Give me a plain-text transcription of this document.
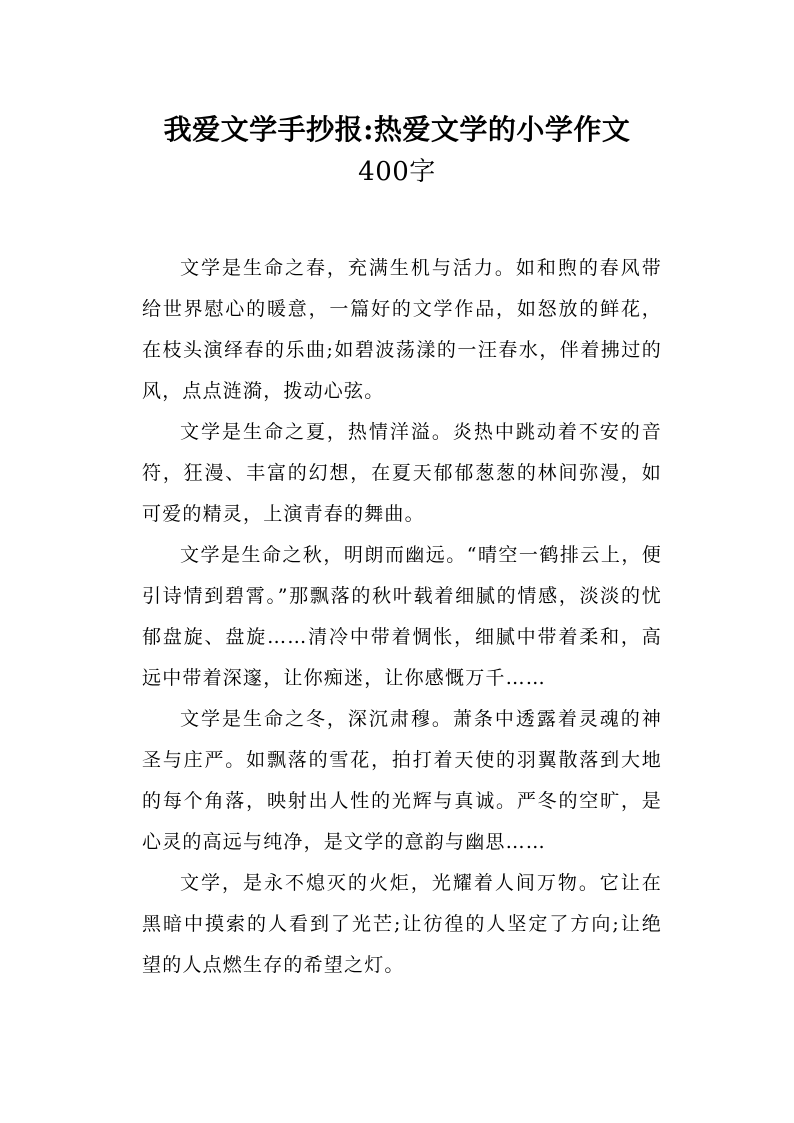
我爱文学手抄报:热爱文学的小学作文
400字

文学是生命之春，充满生机与活力。如和煦的春风带给世界慰心的暖意，一篇好的文学作品，如怒放的鲜花，在枝头演绎春的乐曲;如碧波荡漾的一汪春水，伴着拂过的风，点点涟漪，拨动心弦。

文学是生命之夏，热情洋溢。炎热中跳动着不安的音符，狂漫、丰富的幻想，在夏天郁郁葱葱的林间弥漫，如可爱的精灵，上演青春的舞曲。

文学是生命之秋，明朗而幽远。“晴空一鹤排云上，便引诗情到碧霄。”那飘落的秋叶载着细腻的情感，淡淡的忧郁盘旋、盘旋……清冷中带着惆怅，细腻中带着柔和，高远中带着深邃，让你痴迷，让你感慨万千……

文学是生命之冬，深沉肃穆。萧条中透露着灵魂的神圣与庄严。如飘落的雪花，拍打着天使的羽翼散落到大地的每个角落，映射出人性的光辉与真诚。严冬的空旷，是心灵的高远与纯净，是文学的意韵与幽思……

文学，是永不熄灭的火炬，光耀着人间万物。它让在黑暗中摸索的人看到了光芒;让彷徨的人坚定了方向;让绝望的人点燃生存的希望之灯。
